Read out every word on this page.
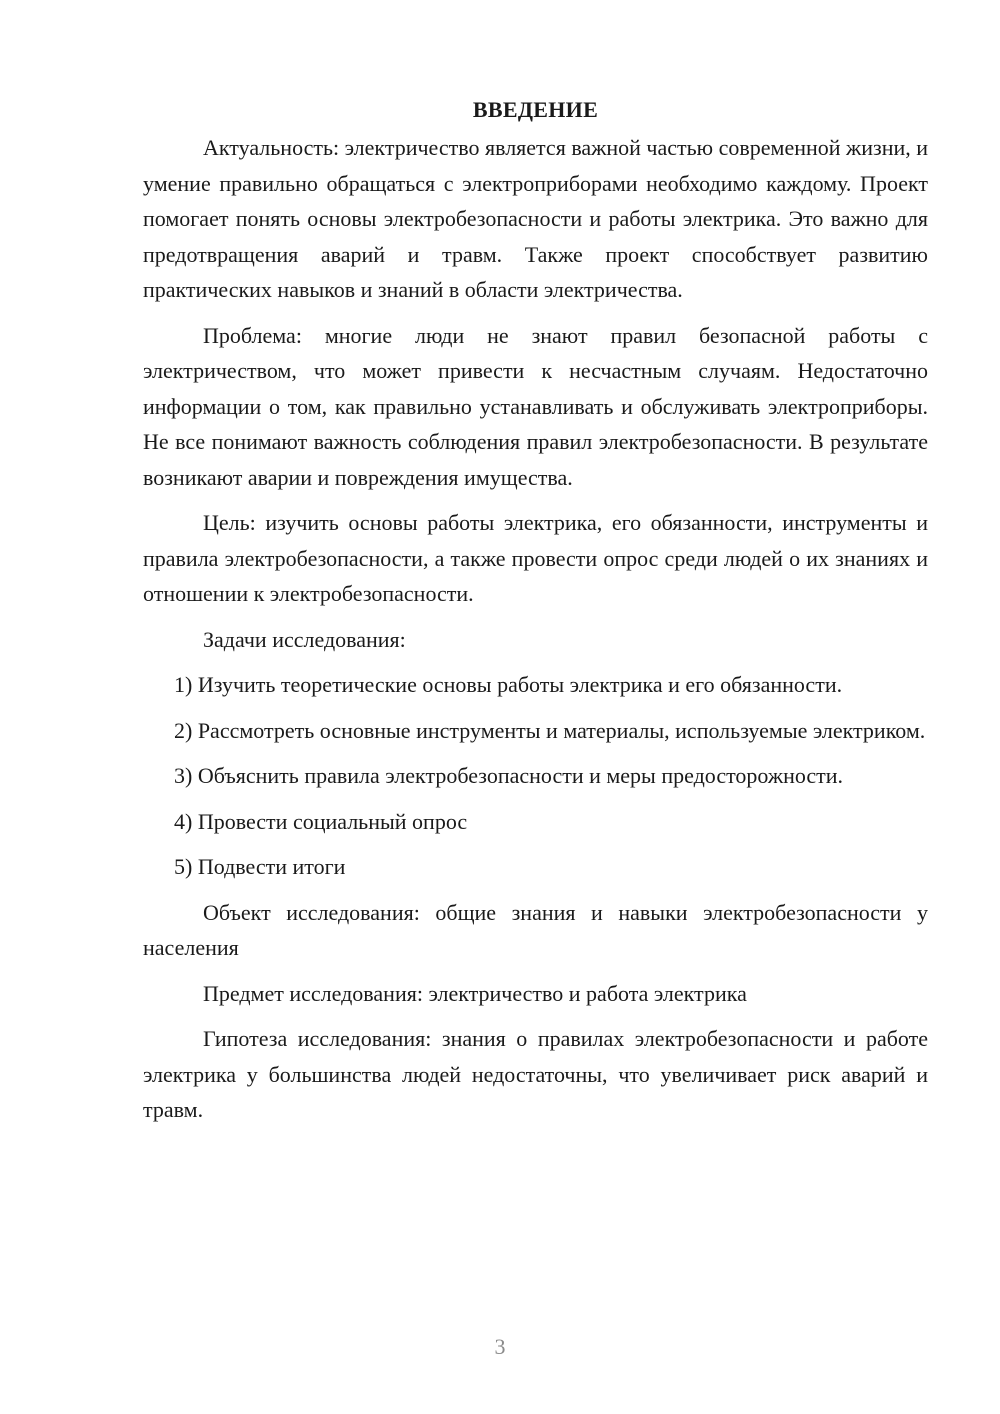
ВВЕДЕНИЕ

Актуальность: электричество является важной частью современной жизни, и умение правильно обращаться с электроприборами необходимо каждому. Проект помогает понять основы электробезопасности и работы электрика. Это важно для предотвращения аварий и травм. Также проект способствует развитию практических навыков и знаний в области электричества.

Проблема: многие люди не знают правил безопасной работы с электричеством, что может привести к несчастным случаям. Недостаточно информации о том, как правильно устанавливать и обслуживать электроприборы. Не все понимают важность соблюдения правил электробезопасности. В результате возникают аварии и повреждения имущества.

Цель: изучить основы работы электрика, его обязанности, инструменты и правила электробезопасности, а также провести опрос среди людей о их знаниях и отношении к электробезопасности.

Задачи исследования:

1) Изучить теоретические основы работы электрика и его обязанности.

2) Рассмотреть основные инструменты и материалы, используемые электриком.

3) Объяснить правила электробезопасности и меры предосторожности.

4) Провести социальный опрос

5) Подвести итоги

Объект исследования: общие знания и навыки электробезопасности у населения

Предмет исследования: электричество и работа электрика

Гипотеза исследования: знания о правилах электробезопасности и работе электрика у большинства людей недостаточны, что увеличивает риск аварий и травм.

3
